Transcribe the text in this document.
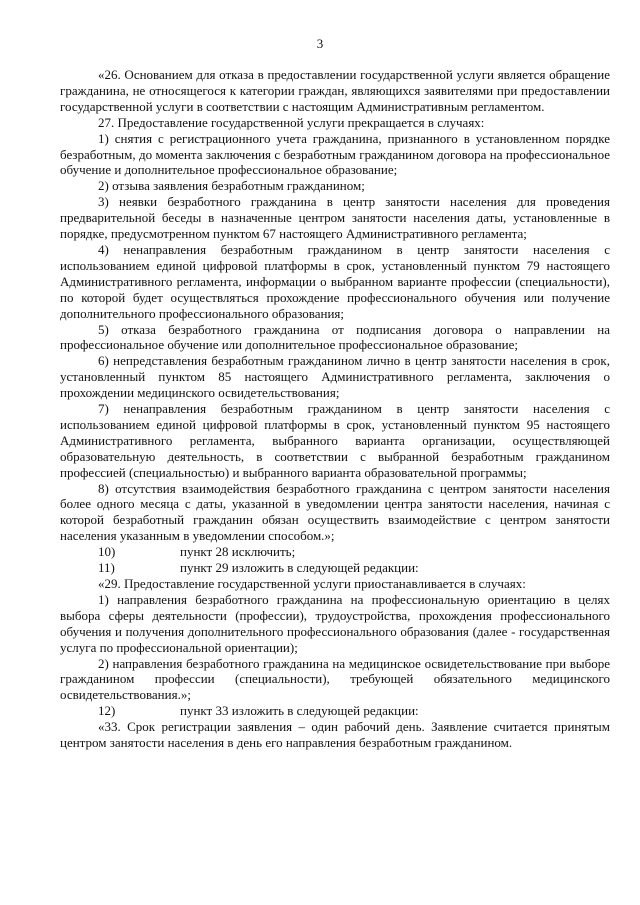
3

«26. Основанием для отказа в предоставлении государственной услуги является обращение гражданина, не относящегося к категории граждан, являющихся заявителями при предоставлении государственной услуги в соответствии с настоящим Административным регламентом.

27. Предоставление государственной услуги прекращается в случаях:

1) снятия с регистрационного учета гражданина, признанного в установленном порядке безработным, до момента заключения с безработным гражданином договора на профессиональное обучение и дополнительное профессиональное образование;

2) отзыва заявления безработным гражданином;

3) неявки безработного гражданина в центр занятости населения для проведения предварительной беседы в назначенные центром занятости населения даты, установленные в порядке, предусмотренном пунктом 67 настоящего Административного регламента;

4) ненаправления безработным гражданином в центр занятости населения с использованием единой цифровой платформы в срок, установленный пунктом 79 настоящего Административного регламента, информации о выбранном варианте профессии (специальности), по которой будет осуществляться прохождение профессионального обучения или получение дополнительного профессионального образования;

5) отказа безработного гражданина от подписания договора о направлении на профессиональное обучение или дополнительное профессиональное образование;

6) непредставления безработным гражданином лично в центр занятости населения в срок, установленный пунктом 85 настоящего Административного регламента, заключения о прохождении медицинского освидетельствования;

7) ненаправления безработным гражданином в центр занятости населения с использованием единой цифровой платформы в срок, установленный пунктом 95 настоящего Административного регламента, выбранного варианта организации, осуществляющей образовательную деятельность, в соответствии с выбранной безработным гражданином профессией (специальностью) и выбранного варианта образовательной программы;

8) отсутствия взаимодействия безработного гражданина с центром занятости населения более одного месяца с даты, указанной в уведомлении центра занятости населения, начиная с которой безработный гражданин обязан осуществить взаимодействие с центром занятости населения указанным в уведомлении способом.»;

10)	пункт 28 исключить;

11)	пункт 29 изложить в следующей редакции:

«29. Предоставление государственной услуги приостанавливается в случаях:

1) направления безработного гражданина на профессиональную ориентацию в целях выбора сферы деятельности (профессии), трудоустройства, прохождения профессионального обучения и получения дополнительного профессионального образования (далее - государственная услуга по профессиональной ориентации);

2) направления безработного гражданина на медицинское освидетельствование при выборе гражданином профессии (специальности), требующей обязательного медицинского освидетельствования.»;

12)	пункт 33 изложить в следующей редакции:

«33. Срок регистрации заявления – один рабочий день. Заявление считается принятым центром занятости населения в день его направления безработным гражданином.
